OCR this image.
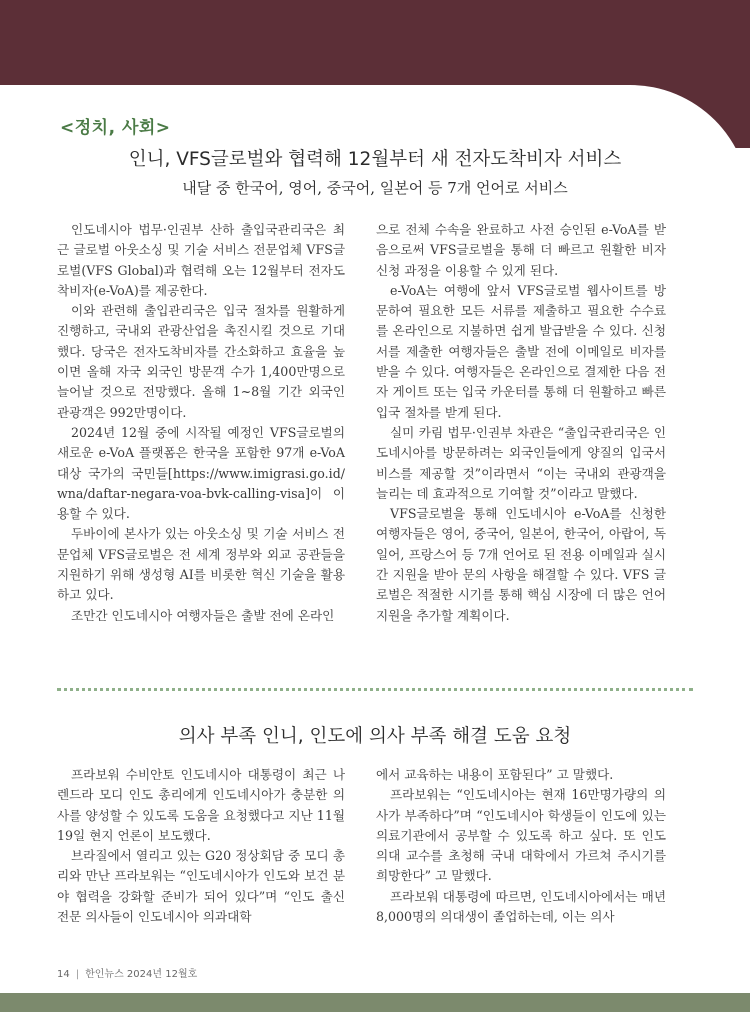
<정치, 사회>
인니, VFS글로벌와 협력해 12월부터 새 전자도착비자 서비스
내달 중 한국어, 영어, 중국어, 일본어 등 7개 언어로 서비스

인도네시아 법무·인권부 산하 출입국관리국은 최근 글로벌 아웃소싱 및 기술 서비스 전문업체 VFS글로벌(VFS Global)과 협력해 오는 12월부터 전자도착비자(e-VoA)를 제공한다.

이와 관련해 출입관리국은 입국 절차를 원활하게 진행하고, 국내외 관광산업을 촉진시킬 것으로 기대했다. 당국은 전자도착비자를 간소화하고 효율을 높이면 올해 자국 외국인 방문객 수가 1,400만명으로 늘어날 것으로 전망했다. 올해 1~8월 기간 외국인 관광객은 992만명이다.

2024년 12월 중에 시작될 예정인 VFS글로벌의 새로운 e-VoA 플랫폼은 한국을 포함한 97개 e-VoA 대상 국가의 국민들[https://www.imigrasi.go.id/wna/daftar-negara-voa-bvk-calling-visa]이 이용할 수 있다.

두바이에 본사가 있는 아웃소싱 및 기술 서비스 전문업체 VFS글로벌은 전 세계 정부와 외교 공관들을 지원하기 위해 생성형 AI를 비롯한 혁신 기술을 활용하고 있다.

조만간 인도네시아 여행자들은 출발 전에 온라인

으로 전체 수속을 완료하고 사전 승인된 e-VoA를 받음으로써 VFS글로벌을 통해 더 빠르고 원활한 비자신청 과정을 이용할 수 있게 된다.

e-VoA는 여행에 앞서 VFS글로벌 웹사이트를 방문하여 필요한 모든 서류를 제출하고 필요한 수수료를 온라인으로 지불하면 쉽게 발급받을 수 있다. 신청서를 제출한 여행자들은 출발 전에 이메일로 비자를 받을 수 있다. 여행자들은 온라인으로 결제한 다음 전자 게이트 또는 입국 카운터를 통해 더 원활하고 빠른 입국 절차를 받게 된다.

실미 카림 법무·인권부 차관은 “출입국관리국은 인도네시아를 방문하려는 외국인들에게 양질의 입국서비스를 제공할 것”이라면서 “이는 국내외 관광객을 늘리는 데 효과적으로 기여할 것”이라고 말했다.

VFS글로벌을 통해 인도네시아 e-VoA를 신청한 여행자들은 영어, 중국어, 일본어, 한국어, 아랍어, 독일어, 프랑스어 등 7개 언어로 된 전용 이메일과 실시간 지원을 받아 문의 사항을 해결할 수 있다. VFS 글로벌은 적절한 시기를 통해 핵심 시장에 더 많은 언어 지원을 추가할 계획이다.

의사 부족 인니, 인도에 의사 부족 해결 도움 요청

프라보워 수비안토 인도네시아 대통령이 최근 나렌드라 모디 인도 총리에게 인도네시아가 충분한 의사를 양성할 수 있도록 도움을 요청했다고 지난 11월 19일 현지 언론이 보도했다.

브라질에서 열리고 있는 G20 정상회담 중 모디 총리와 만난 프라보워는 “인도네시아가 인도와 보건 분야 협력을 강화할 준비가 되어 있다”며 “인도 출신 전문 의사들이 인도네시아 의과대학

에서 교육하는 내용이 포함된다” 고 말했다.

프라보워는 “인도네시아는 현재 16만명가량의 의사가 부족하다”며 “인도네시아 학생들이 인도에 있는 의료기관에서 공부할 수 있도록 하고 싶다. 또 인도 의대 교수를 초청해 국내 대학에서 가르쳐 주시기를 희망한다” 고 말했다.

프라보워 대통령에 따르면, 인도네시아에서는 매년 8,000명의 의대생이 졸업하는데, 이는 의사

14 | 한인뉴스 2024년 12월호
